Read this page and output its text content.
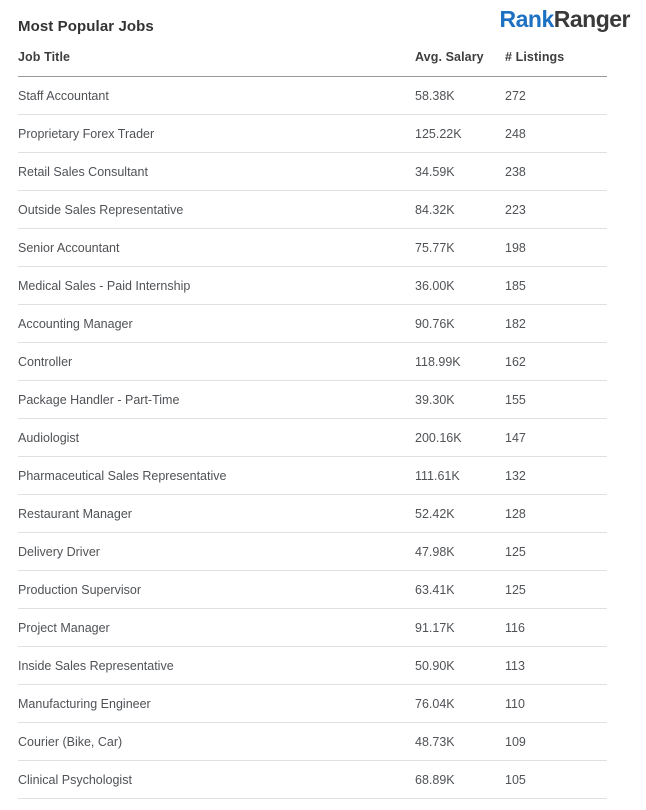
Most Popular Jobs	RankRanger
Job Title	Avg. Salary	# Listings
Staff Accountant	58.38K	272
Proprietary Forex Trader	125.22K	248
Retail Sales Consultant	34.59K	238
Outside Sales Representative	84.32K	223
Senior Accountant	75.77K	198
Medical Sales - Paid Internship	36.00K	185
Accounting Manager	90.76K	182
Controller	118.99K	162
Package Handler - Part-Time	39.30K	155
Audiologist	200.16K	147
Pharmaceutical Sales Representative	111.61K	132
Restaurant Manager	52.42K	128
Delivery Driver	47.98K	125
Production Supervisor	63.41K	125
Project Manager	91.17K	116
Inside Sales Representative	50.90K	113
Manufacturing Engineer	76.04K	110
Courier (Bike, Car)	48.73K	109
Clinical Psychologist	68.89K	105
